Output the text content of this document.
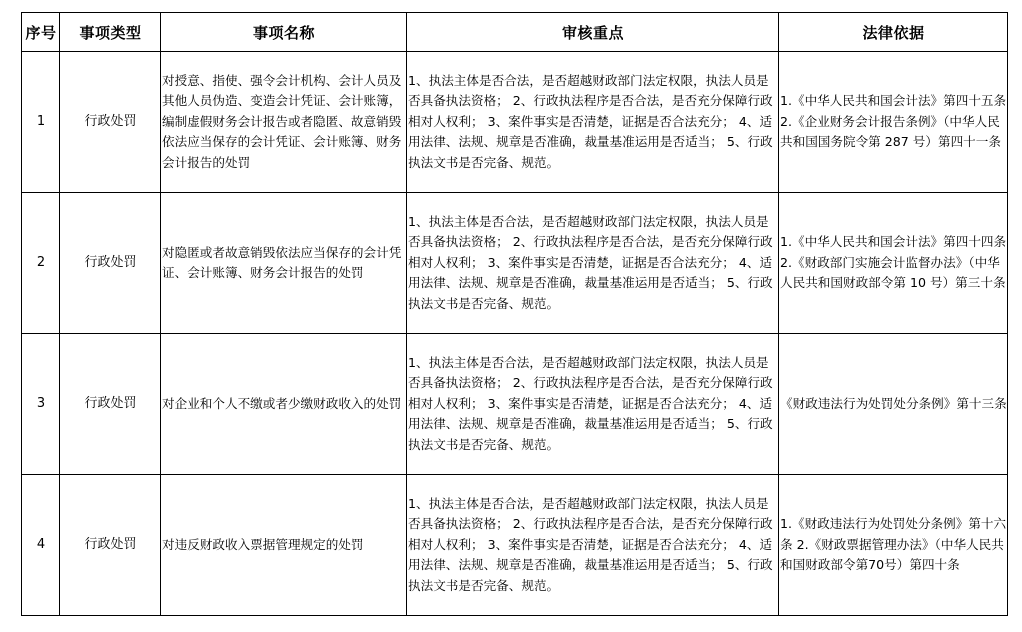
序号	事项类型	事项名称	审核重点	法律依据
1	行政处罚	对授意、指使、强令会计机构、会计人员及其他人员伪造、变造会计凭证、会计账簿，编制虚假财务会计报告或者隐匿、故意销毁依法应当保存的会计凭证、会计账簿、财务会计报告的处罚	1、执法主体是否合法，是否超越财政部门法定权限，执法人员是否具备执法资格； 2、行政执法程序是否合法，是否充分保障行政相对人权利； 3、案件事实是否清楚，证据是否合法充分； 4、适用法律、法规、规章是否准确，裁量基准运用是否适当； 5、行政执法文书是否完备、规范。	1.《中华人民共和国会计法》第四十五条 2.《企业财务会计报告条例》（中华人民共和国国务院令第 287 号）第四十一条
2	行政处罚	对隐匿或者故意销毁依法应当保存的会计凭证、会计账簿、财务会计报告的处罚	1、执法主体是否合法，是否超越财政部门法定权限，执法人员是否具备执法资格； 2、行政执法程序是否合法，是否充分保障行政相对人权利； 3、案件事实是否清楚，证据是否合法充分； 4、适用法律、法规、规章是否准确，裁量基准运用是否适当； 5、行政执法文书是否完备、规范。	1.《中华人民共和国会计法》第四十四条 2.《财政部门实施会计监督办法》（中华人民共和国财政部令第 10 号）第三十条
3	行政处罚	对企业和个人不缴或者少缴财政收入的处罚	1、执法主体是否合法，是否超越财政部门法定权限，执法人员是否具备执法资格； 2、行政执法程序是否合法，是否充分保障行政相对人权利； 3、案件事实是否清楚，证据是否合法充分； 4、适用法律、法规、规章是否准确，裁量基准运用是否适当； 5、行政执法文书是否完备、规范。	《财政违法行为处罚处分条例》第十三条
4	行政处罚	对违反财政收入票据管理规定的处罚	1、执法主体是否合法，是否超越财政部门法定权限，执法人员是否具备执法资格； 2、行政执法程序是否合法，是否充分保障行政相对人权利； 3、案件事实是否清楚，证据是否合法充分； 4、适用法律、法规、规章是否准确，裁量基准运用是否适当； 5、行政执法文书是否完备、规范。	1.《财政违法行为处罚处分条例》第十六条 2.《财政票据管理办法》（中华人民共和国财政部令第70号）第四十条
